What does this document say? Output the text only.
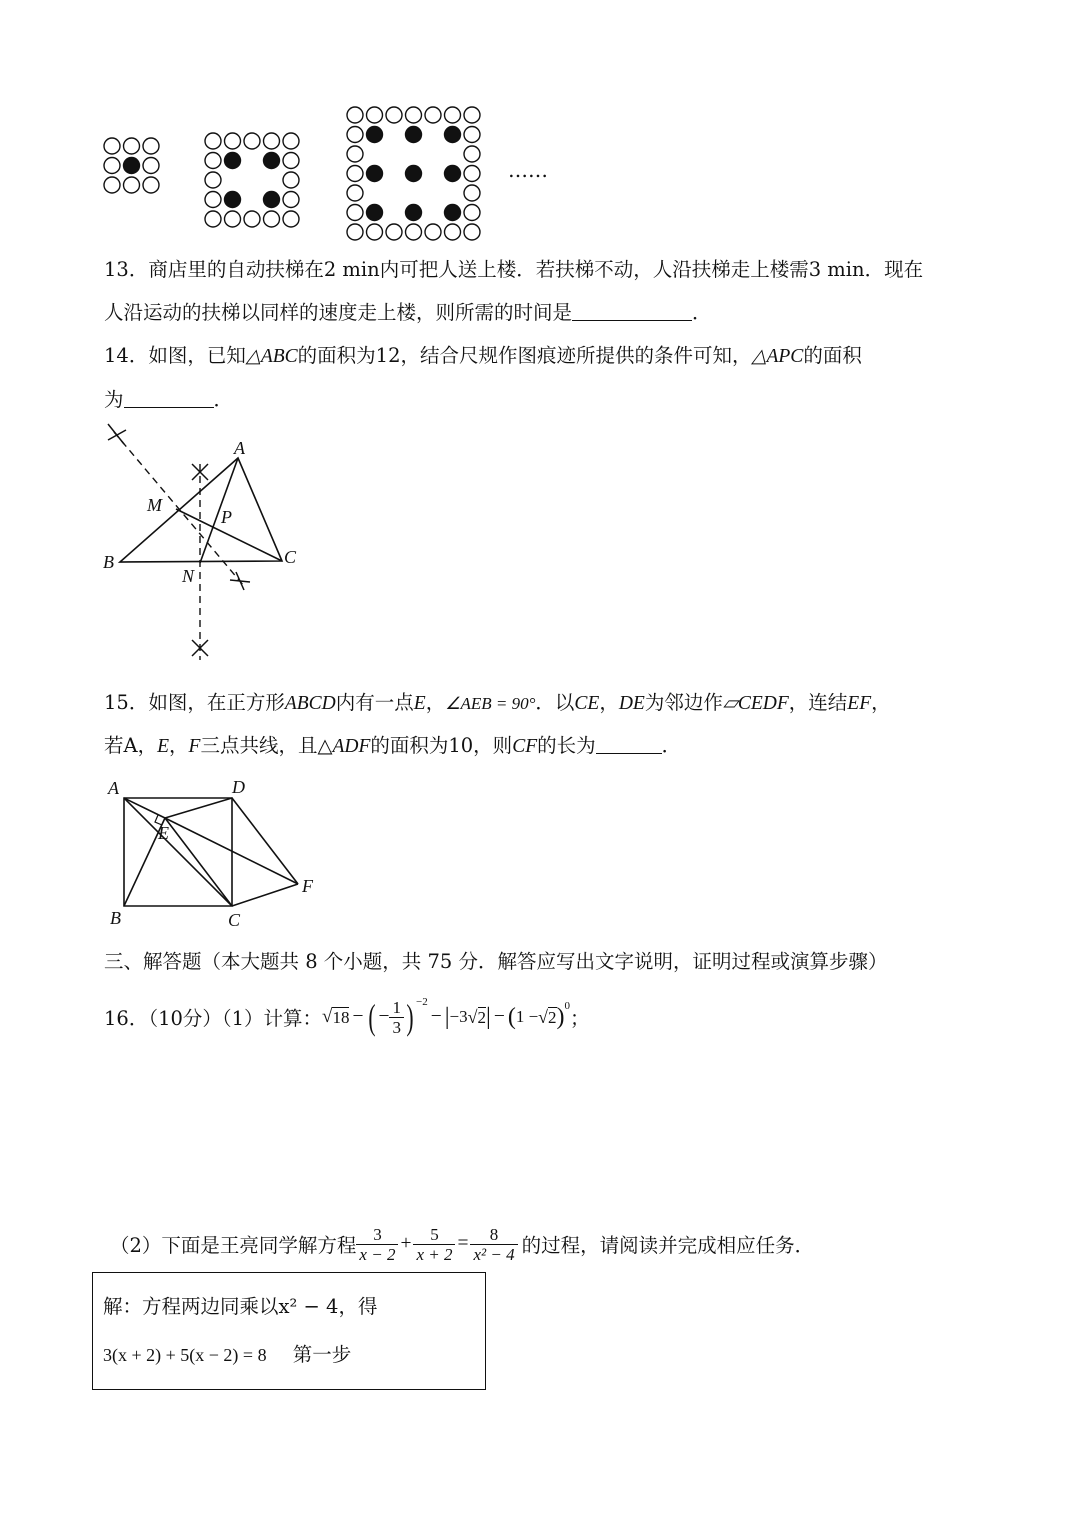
……
13．商店里的自动扶梯在2 min内可把人送上楼．若扶梯不动，人沿扶梯走上楼需3 min．现在
人沿运动的扶梯以同样的速度走上楼，则所需的时间是	．
14．如图，已知△ABC的面积为12，结合尺规作图痕迹所提供的条件可知，△APC的面积
为	．
A
M
P
B
N
C
15．如图，在正方形ABCD内有一点E，∠AEB = 90°．以CE，DE为邻边作▱CEDF，连结EF，
若A，E，F三点共线，且△ADF的面积为10，则CF的长为	．
A	D
E
F
B	C
三、解答题（本大题共 8 个小题，共 75 分．解答应写出文字说明，证明过程或演算步骤）
16．（10分）（1）计算： √ 18 − ( − $\frac{1}{3} )^{-2}$
− | −3 √ 2 | − ( 1 − √ 2 )$^0$
；
（2）下面是王亮同学解方程 $\frac{3}{x - 2} + \frac{5}{x + 2} = \frac{8}{\text{x² − 4}}$ 的过程，请阅读并完成相应任务．
解：方程两边同乘以x² − 4，得
3(x + 2) + 5(x − 2) = 8 第一步
